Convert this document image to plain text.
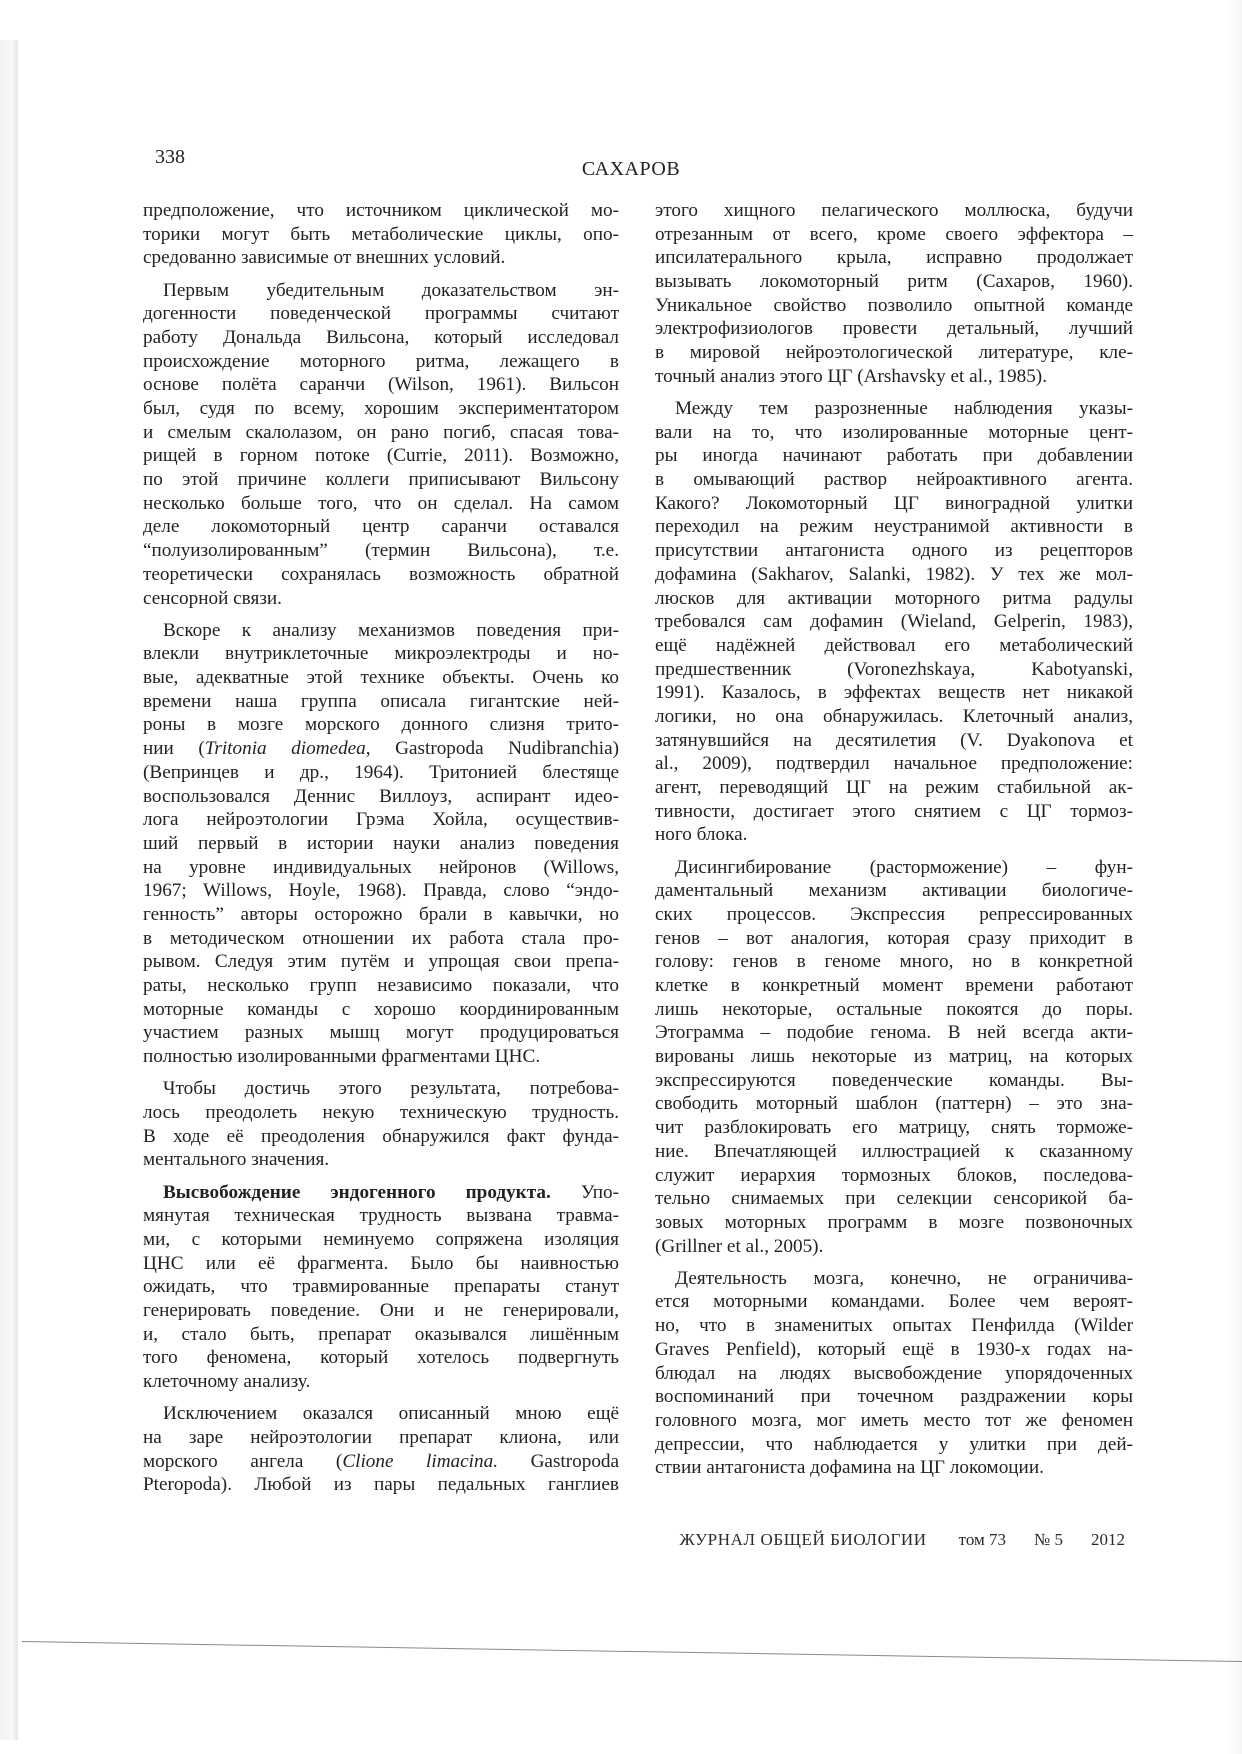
338
САХАРОВ
предположение, что источником циклической мо-
торики могут быть метаболические циклы, опо-
средованно зависимые от внешних условий.
Первым убедительным доказательством эн-
догенности поведенческой программы считают
работу Дональда Вильсона, который исследовал
происхождение моторного ритма, лежащего в
основе полёта саранчи (Wilson, 1961). Вильсон
был, судя по всему, хорошим экспериментатором
и смелым скалолазом, он рано погиб, спасая това-
рищей в горном потоке (Currie, 2011). Возможно,
по этой причине коллеги приписывают Вильсону
несколько больше того, что он сделал. На самом
деле локомоторный центр саранчи оставался
“полуизолированным” (термин Вильсона), т.е.
теоретически сохранялась возможность обратной
сенсорной связи.
Вскоре к анализу механизмов поведения при-
влекли внутриклеточные микроэлектроды и но-
вые, адекватные этой технике объекты. Очень ко
времени наша группа описала гигантские ней-
роны в мозге морского донного слизня трито-
нии (Tritonia diomedea, Gastropoda Nudibranchia)
(Вепринцев и др., 1964). Тритонией блестяще
воспользовался Деннис Виллоуз, аспирант идео-
лога нейроэтологии Грэма Хойла, осуществив-
ший первый в истории науки анализ поведения
на уровне индивидуальных нейронов (Willows,
1967; Willows, Hoyle, 1968). Правда, слово “эндо-
генность” авторы осторожно брали в кавычки, но
в методическом отношении их работа стала про-
рывом. Следуя этим путём и упрощая свои препа-
раты, несколько групп независимо показали, что
моторные команды с хорошо координированным
участием разных мышц могут продуцироваться
полностью изолированными фрагментами ЦНС.
Чтобы достичь этого результата, потребова-
лось преодолеть некую техническую трудность.
В ходе её преодоления обнаружился факт фунда-
ментального значения.
Высвобождение эндогенного продукта. Упо-
мянутая техническая трудность вызвана травма-
ми, с которыми неминуемо сопряжена изоляция
ЦНС или её фрагмента. Было бы наивностью
ожидать, что травмированные препараты станут
генерировать поведение. Они и не генерировали,
и, стало быть, препарат оказывался лишённым
того феномена, который хотелось подвергнуть
клеточному анализу.
Исключением оказался описанный мною ещё
на заре нейроэтологии препарат клиона, или
морского ангела (Clione limacina. Gastropoda
Pteropoda). Любой из пары педальных ганглиев
этого хищного пелагического моллюска, будучи
отрезанным от всего, кроме своего эффектора –
ипсилатерального крыла, исправно продолжает
вызывать локомоторный ритм (Сахаров, 1960).
Уникальное свойство позволило опытной команде
электрофизиологов провести детальный, лучший
в мировой нейроэтологической литературе, кле-
точный анализ этого ЦГ (Arshavsky et al., 1985).
Между тем разрозненные наблюдения указы-
вали на то, что изолированные моторные цент-
ры иногда начинают работать при добавлении
в омывающий раствор нейроактивного агента.
Какого? Локомоторный ЦГ виноградной улитки
переходил на режим неустранимой активности в
присутствии антагониста одного из рецепторов
дофамина (Sakharov, Salanki, 1982). У тех же мол-
люсков для активации моторного ритма радулы
требовался сам дофамин (Wieland, Gelperin, 1983),
ещё надёжней действовал его метаболический
предшественник (Voronezhskaya, Kabotyanski,
1991). Казалось, в эффектах веществ нет никакой
логики, но она обнаружилась. Клеточный анализ,
затянувшийся на десятилетия (V. Dyakonova et
al., 2009), подтвердил начальное предположение:
агент, переводящий ЦГ на режим стабильной ак-
тивности, достигает этого снятием с ЦГ тормоз-
ного блока.
Дисингибирование (расторможение) – фун-
даментальный механизм активации биологиче-
ских процессов. Экспрессия репрессированных
генов – вот аналогия, которая сразу приходит в
голову: генов в геноме много, но в конкретной
клетке в конкретный момент времени работают
лишь некоторые, остальные покоятся до поры.
Этограмма – подобие генома. В ней всегда акти-
вированы лишь некоторые из матриц, на которых
экспрессируются поведенческие команды. Вы-
свободить моторный шаблон (паттерн) – это зна-
чит разблокировать его матрицу, снять торможе-
ние. Впечатляющей иллюстрацией к сказанному
служит иерархия тормозных блоков, последова-
тельно снимаемых при селекции сенсорикой ба-
зовых моторных программ в мозге позвоночных
(Grillner et al., 2005).
Деятельность мозга, конечно, не ограничива-
ется моторными командами. Более чем вероят-
но, что в знаменитых опытах Пенфилда (Wilder
Graves Penfield), который ещё в 1930-х годах на-
блюдал на людях высвобождение упорядоченных
воспоминаний при точечном раздражении коры
головного мозга, мог иметь место тот же феномен
депрессии, что наблюдается у улитки при дей-
ствии антагониста дофамина на ЦГ локомоции.
ЖУРНАЛ ОБЩЕЙ БИОЛОГИИ том 73 № 5 2012
